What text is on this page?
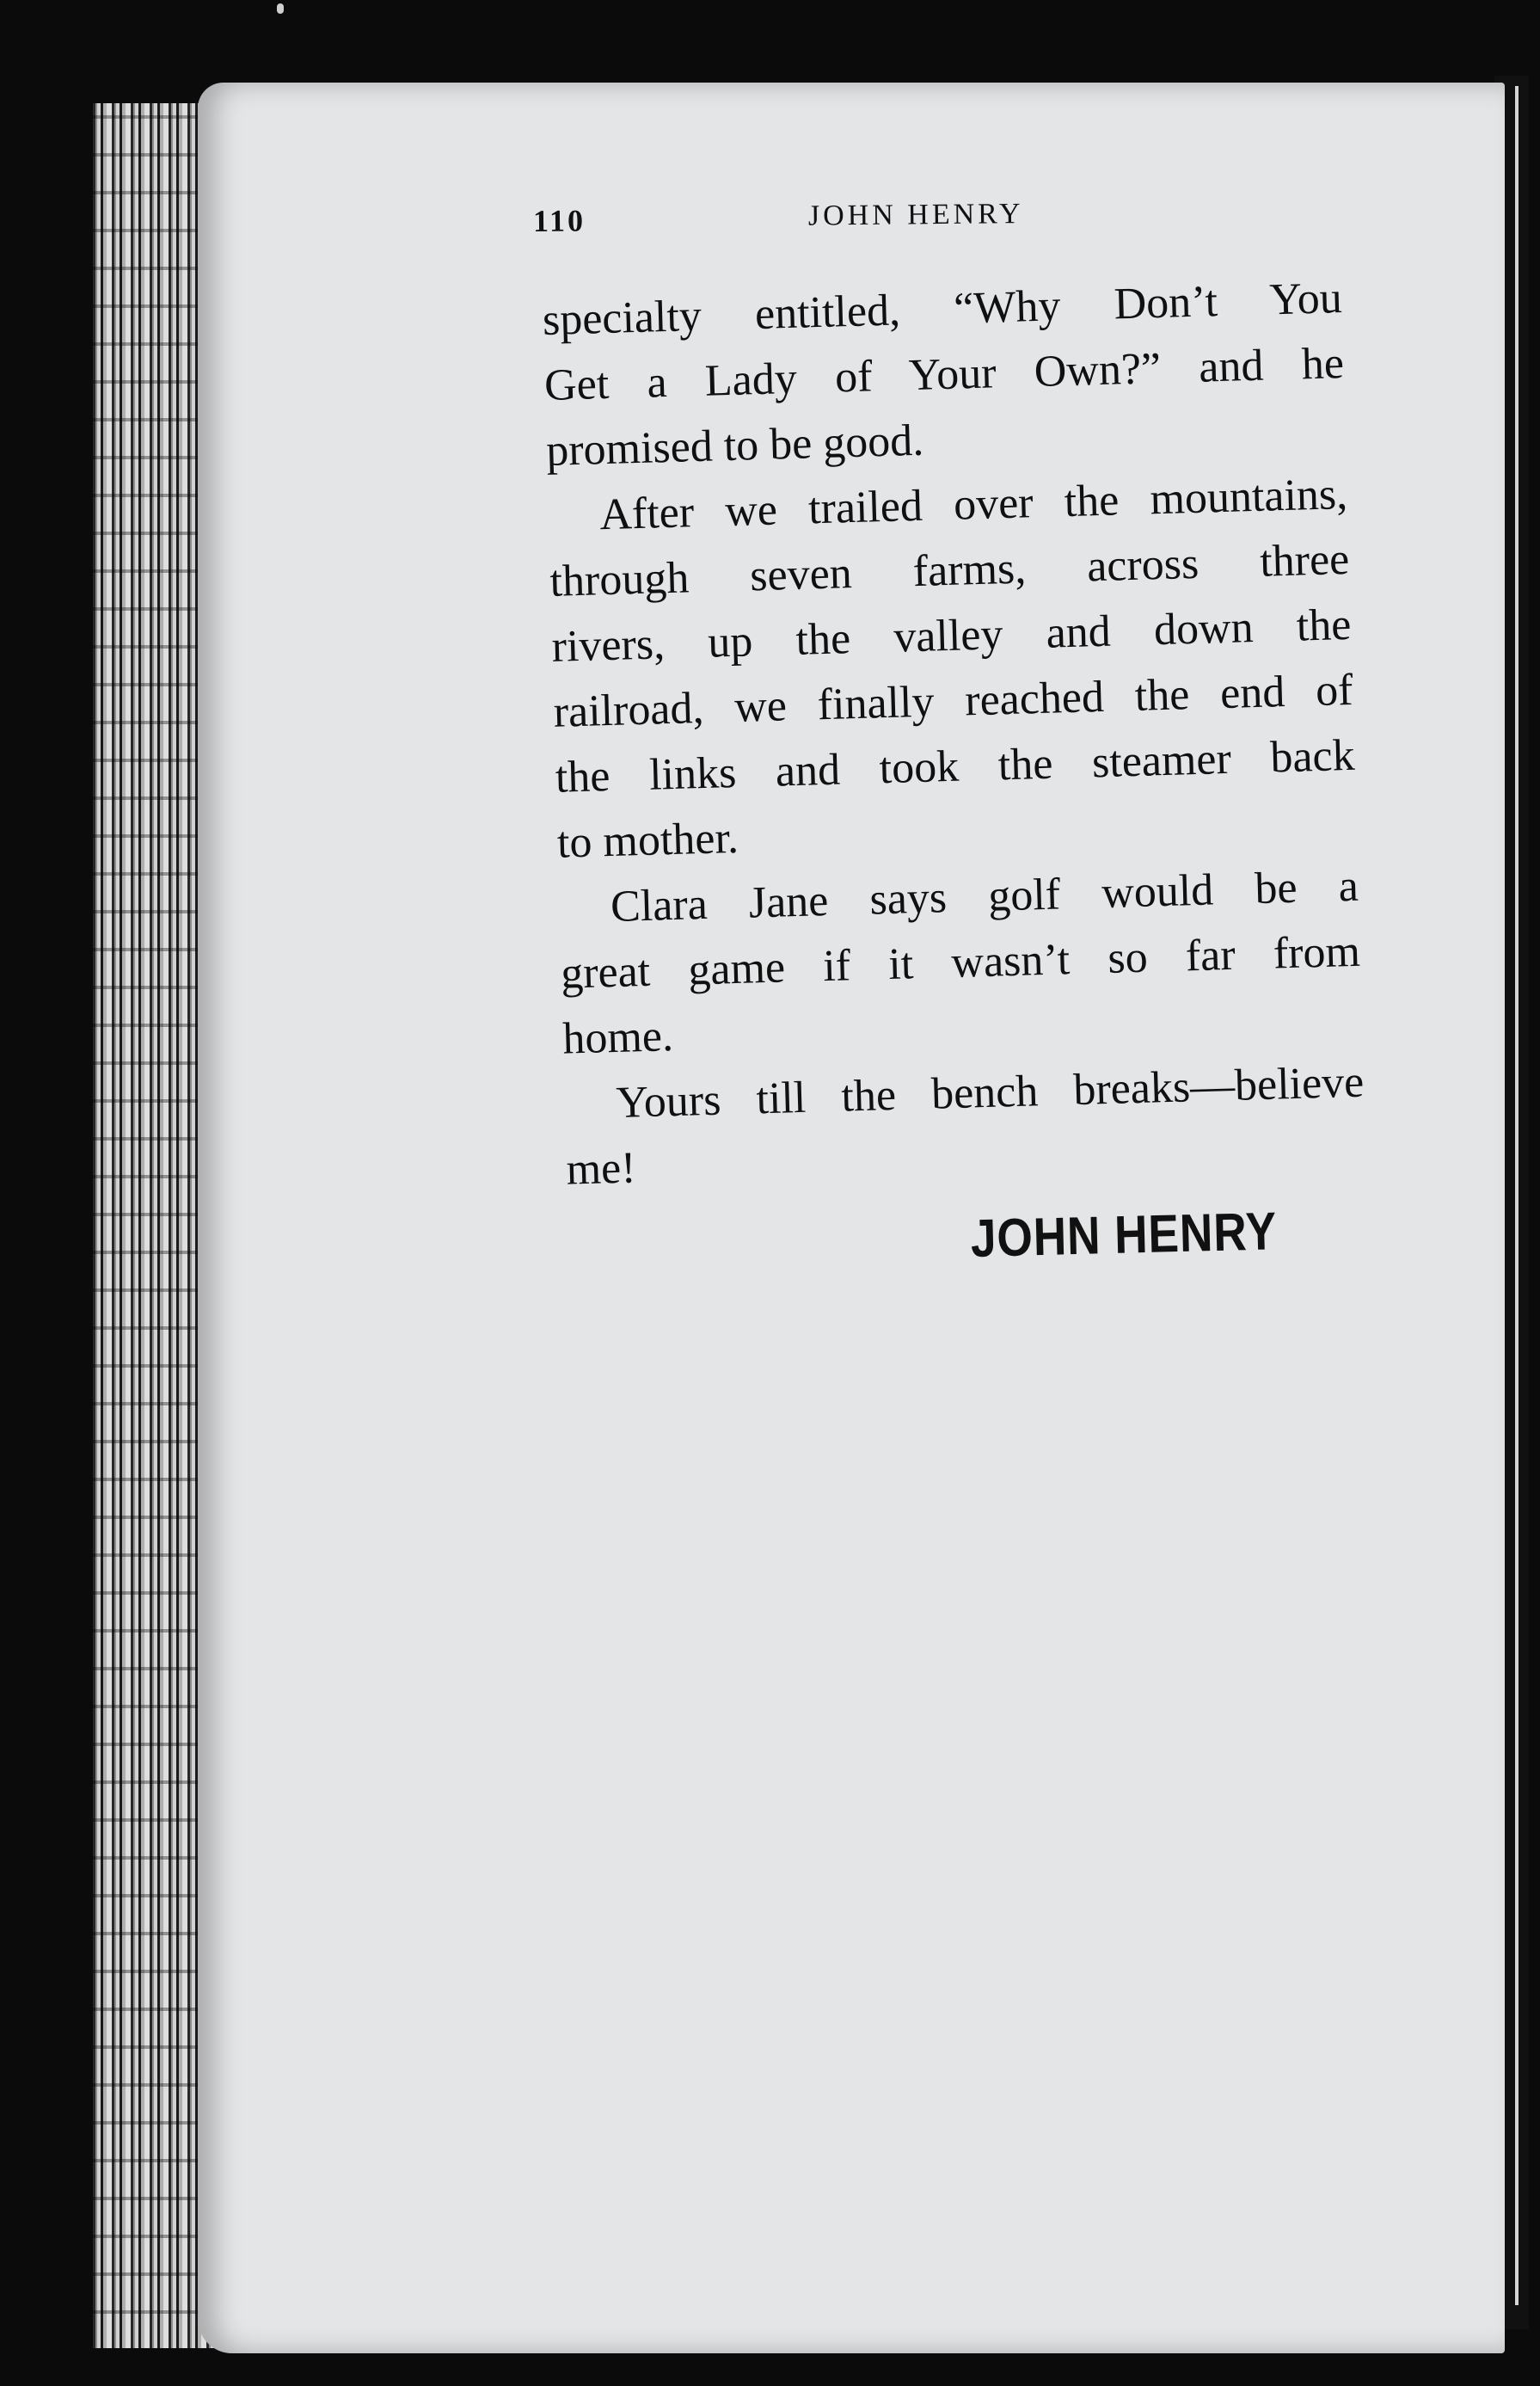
110	JOHN HENRY
specialty entitled, “Why Don’t You
Get a Lady of Your Own?” and he
promised to be good.
After we trailed over the mountains,
through seven farms, across three
rivers, up the valley and down the
railroad, we finally reached the end of
the links and took the steamer back
to mother.
Clara Jane says golf would be a
great game if it wasn’t so far from
home.
Yours till the bench breaks—believe
me!
JOHN HENRY
